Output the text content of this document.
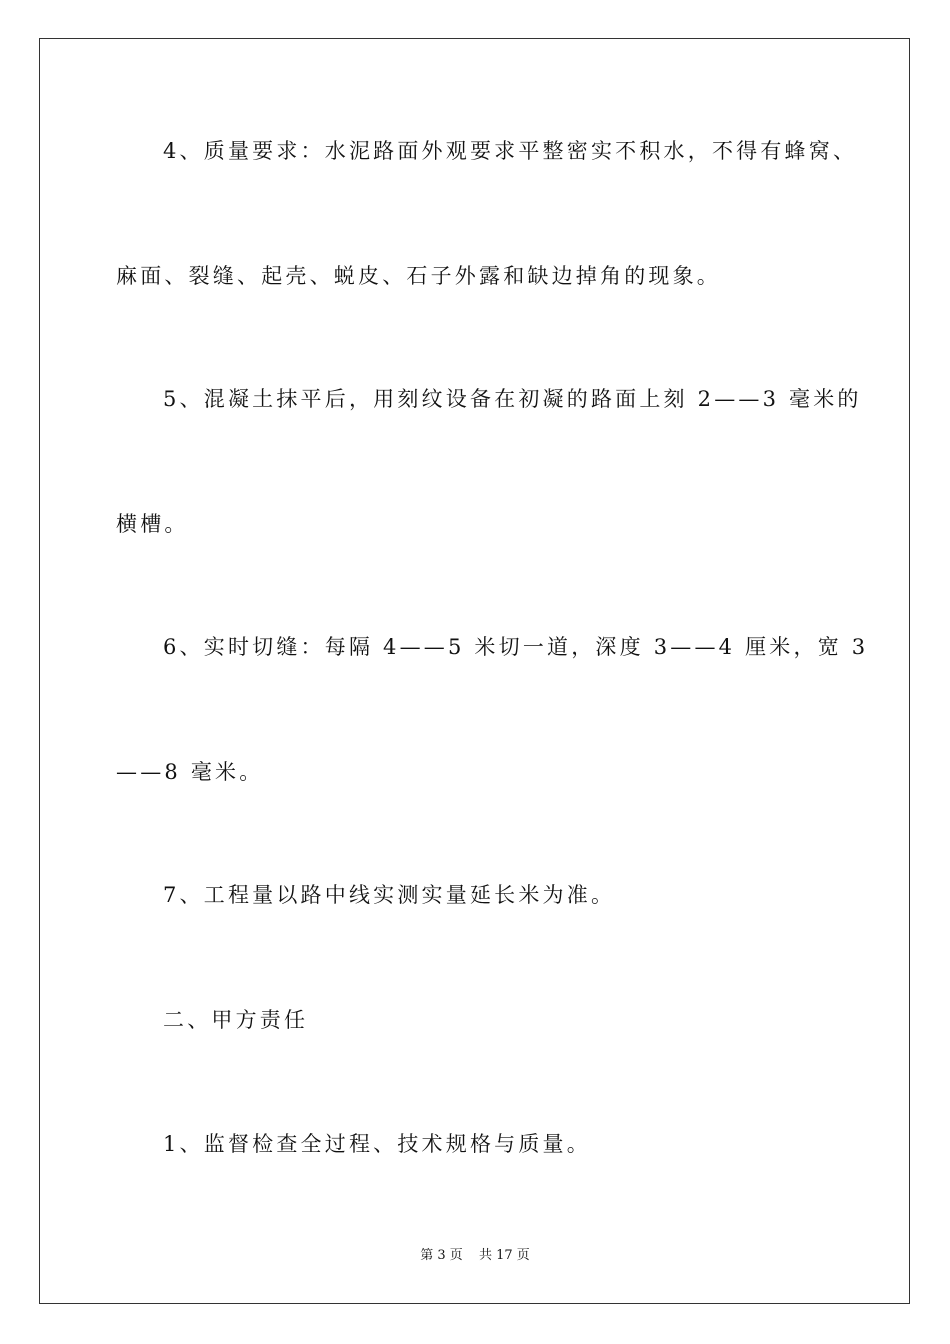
4、质量要求：水泥路面外观要求平整密实不积水，不得有蜂窝、
麻面、裂缝、起壳、蜕皮、石子外露和缺边掉角的现象。
5、混凝土抹平后，用刻纹设备在初凝的路面上刻 2——3 毫米的
横槽。
6、实时切缝：每隔 4——5 米切一道，深度 3——4 厘米，宽 3
——8 毫米。
7、工程量以路中线实测实量延长米为准。
二、甲方责任
1、监督检查全过程、技术规格与质量。
第 3 页 共 17 页
